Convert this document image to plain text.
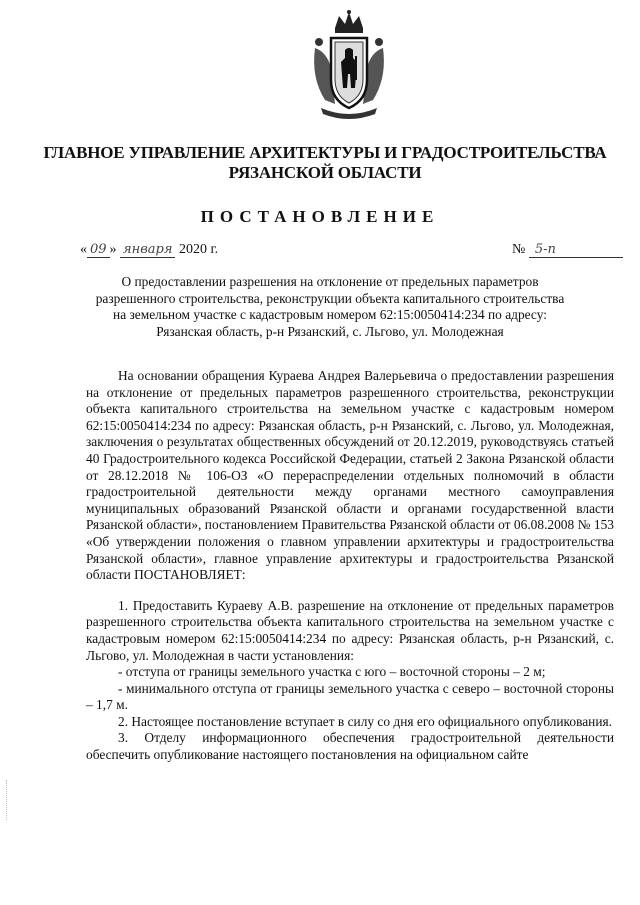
ГЛАВНОЕ УПРАВЛЕНИЕ АРХИТЕКТУРЫ И ГРАДОСТРОИТЕЛЬСТВА
РЯЗАНСКОЙ ОБЛАСТИ
ПОСТАНОВЛЕНИЕ
« 09 » января 2020 г.	№ 5-п
О предоставлении разрешения на отклонение от предельных параметров
разрешенного строительства, реконструкции объекта капитального строительства
на земельном участке с кадастровым номером 62:15:0050414:234 по адресу:
Рязанская область, р-н Рязанский, с. Льгово, ул. Молодежная

На основании обращения Кураева Андрея Валерьевича о предоставлении разрешения на отклонение от предельных параметров разрешенного строительства, реконструкции объекта капитального строительства на земельном участке с кадастровым номером 62:15:0050414:234 по адресу: Рязанская область, р-н Рязанский, с. Льгово, ул. Молодежная, заключения о результатах общественных обсуждений от 20.12.2019, руководствуясь статьей 40 Градостроительного кодекса Российской Федерации, статьей 2 Закона Рязанской области от 28.12.2018 № 106-ОЗ «О перераспределении отдельных полномочий в области градостроительной деятельности между органами местного самоуправления муниципальных образований Рязанской области и органами государственной власти Рязанской области», постановлением Правительства Рязанской области от 06.08.2008 № 153 «Об утверждении положения о главном управлении архитектуры и градостроительства Рязанской области», главное управление архитектуры и градостроительства Рязанской области ПОСТАНОВЛЯЕТ:

1. Предоставить Кураеву А.В. разрешение на отклонение от предельных параметров разрешенного строительства объекта капитального строительства на земельном участке с кадастровым номером 62:15:0050414:234 по адресу: Рязанская область, р-н Рязанский, с. Льгово, ул. Молодежная в части установления:

- отступа от границы земельного участка с юго – восточной стороны – 2 м;

- минимального отступа от границы земельного участка с северо – восточной стороны – 1,7 м.

2. Настоящее постановление вступает в силу со дня его официального опубликования.

3. Отделу информационного обеспечения градостроительной деятельности обеспечить опубликование настоящего постановления на официальном сайте
